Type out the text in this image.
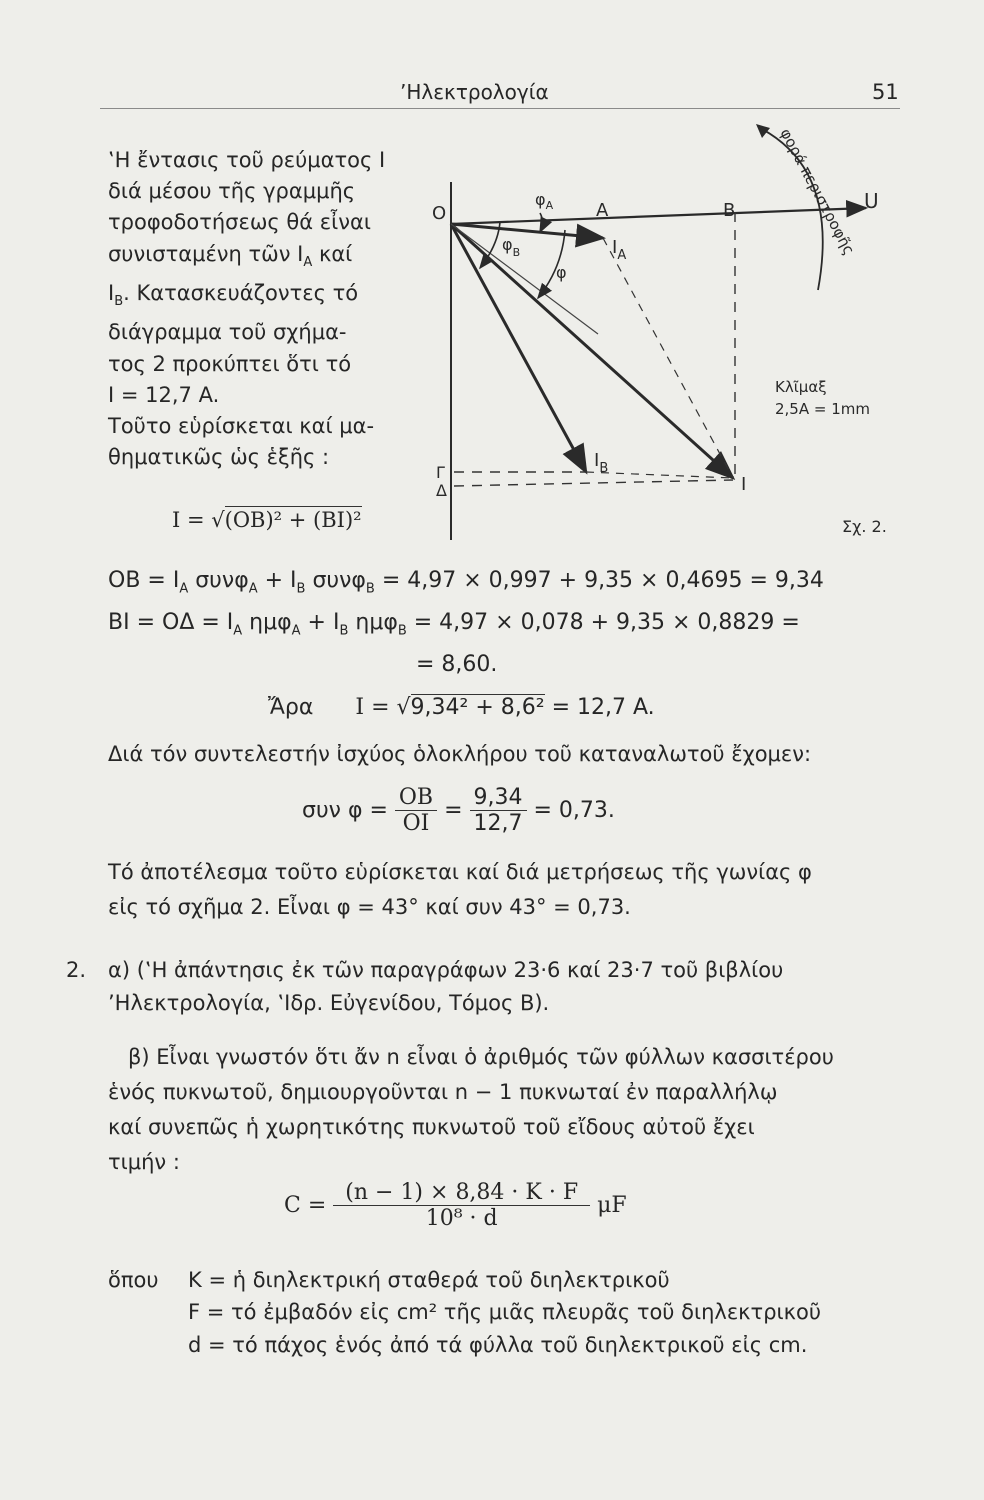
’Ηλεκτρολογία	51
‛Η ἔντασις τοῦ ρεύματος I
διά μέσου τῆς γραμμῆς
τροφοδοτήσεως θά εἶναι
συνισταμένη τῶν $I_A$ καί
$I_B$. Κατασκευάζοντες τό
διάγραμμα τοῦ σχήμα-
τος 2 προκύπτει ὅτι τό
I = 12,7 A.
Τοῦτο εὑρίσκεται καί μα-
θηματικῶς ὡς ἑξῆς :
I = √(OB)² + (BI)²
O
$\varphi_A$ A	B	U
$I_A$
$\varphi_B$
φ
$I_B$
Γ
Δ	I
φορά περιστροφῆς
Κλῖμαξ
2,5A = 1mm
Σχ. 2.
OB = $I_A$ $\sigma\upsilon\nu\varphi_A + I_B$ συνφ$_B$ = 4,97 × 0,997 + 9,35 × 0,4695 = 9,34
BI = $O\Delta = I_A$ $\eta\mu\varphi_A + I_B$ ημφ$_B$ = 4,97 × 0,078 + 9,35 × 0,8829 =
= 8,60.
Ἄρα I = √9,34² + 8,6² = 12,7 A.
Διά τόν συντελεστήν ἰσχύος ὁλοκλήρου τοῦ καταναλωτοῦ ἔχομεν:
συν $\varphi = \frac{OB}{OI} = \frac{9,34}{12,7} = 0,73$.
Τό ἀποτέλεσμα τοῦτο εὑρίσκεται καί διά μετρήσεως τῆς γωνίας φ
εἰς τό σχῆμα 2. Εἶναι φ = 43° καί συν 43° = 0,73.
2. α) (‛Η ἀπάντησις ἐκ τῶν παραγράφων 23·6 καί 23·7 τοῦ βιβλίου
’Ηλεκτρολογία, ‛Ιδρ. Εὐγενίδου, Τόμος Β).
β) Εἶναι γνωστόν ὅτι ἄν n εἶναι ὁ ἀριθμός τῶν φύλλων κασσιτέρου
ἑνός πυκνωτοῦ, δημιουργοῦνται n − 1 πυκνωταί ἐν παραλλήλῳ
καί συνεπῶς ἡ χωρητικότης πυκνωτοῦ τοῦ εἴδους αὐτοῦ ἔχει
τιμήν :
$C = \frac{(n - 1) \times 8,84 \cdot K \cdot F}{\text{10⁸ · d}}$ μF
ὅπου K = ἡ διηλεκτρική σταθερά τοῦ διηλεκτρικοῦ
F = τό ἐμβαδόν εἰς cm² τῆς μιᾶς πλευρᾶς τοῦ διηλεκτρικοῦ
d = τό πάχος ἑνός ἀπό τά φύλλα τοῦ διηλεκτρικοῦ εἰς cm.
